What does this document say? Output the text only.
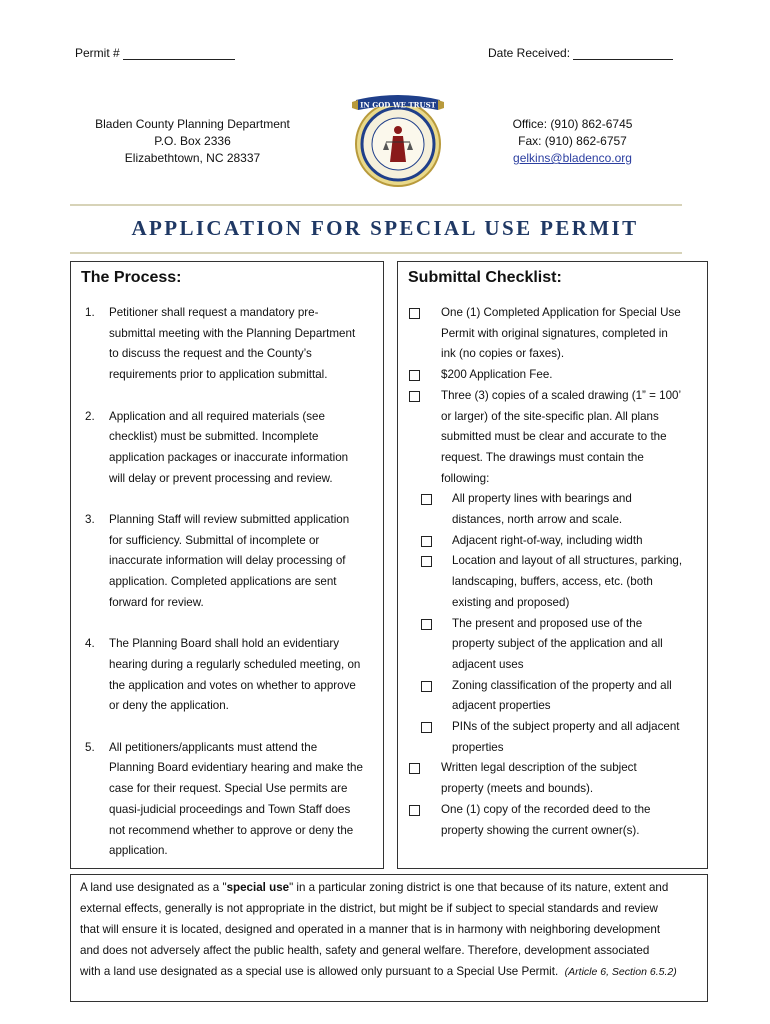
Permit #	Date Received:
Bladen County Planning Department
P.O. Box 2336
Elizabethtown, NC 28337
IN GOD WE TRUST
Office: (910) 862-6745
Fax: (910) 862-6757
gelkins@bladenco.org
APPLICATION FOR SPECIAL USE PERMIT
The Process:
1. Petitioner shall request a mandatory pre-
submittal meeting with the Planning Department
to discuss the request and the County’s
requirements prior to application submittal.
2. Application and all required materials (see
checklist) must be submitted. Incomplete
application packages or inaccurate information
will delay or prevent processing and review.
3. Planning Staff will review submitted application
for sufficiency. Submittal of incomplete or
inaccurate information will delay processing of
application. Completed applications are sent
forward for review.
4. The Planning Board shall hold an evidentiary
hearing during a regularly scheduled meeting, on
the application and votes on whether to approve
or deny the application.
5. All petitioners/applicants must attend the
Planning Board evidentiary hearing and make the
case for their request. Special Use permits are
quasi-judicial proceedings and Town Staff does
not recommend whether to approve or deny the
application.
Submittal Checklist:
One (1) Completed Application for Special Use
Permit with original signatures, completed in
ink (no copies or faxes).
$200 Application Fee.
Three (3) copies of a scaled drawing (1” = 100’
or larger) of the site-specific plan. All plans
submitted must be clear and accurate to the
request. The drawings must contain the
following:
All property lines with bearings and
distances, north arrow and scale.
Adjacent right-of-way, including width
Location and layout of all structures, parking,
landscaping, buffers, access, etc. (both
existing and proposed)
The present and proposed use of the
property subject of the application and all
adjacent uses
Zoning classification of the property and all
adjacent properties
PINs of the subject property and all adjacent
properties
Written legal description of the subject
property (meets and bounds).
One (1) copy of the recorded deed to the
property showing the current owner(s).
A land use designated as a "special use" in a particular zoning district is one that because of its nature, extent and
external effects, generally is not appropriate in the district, but might be if subject to special standards and review
that will ensure it is located, designed and operated in a manner that is in harmony with neighboring development
and does not adversely affect the public health, safety and general welfare. Therefore, development associated
with a land use designated as a special use is allowed only pursuant to a Special Use Permit. (Article 6, Section 6.5.2)
